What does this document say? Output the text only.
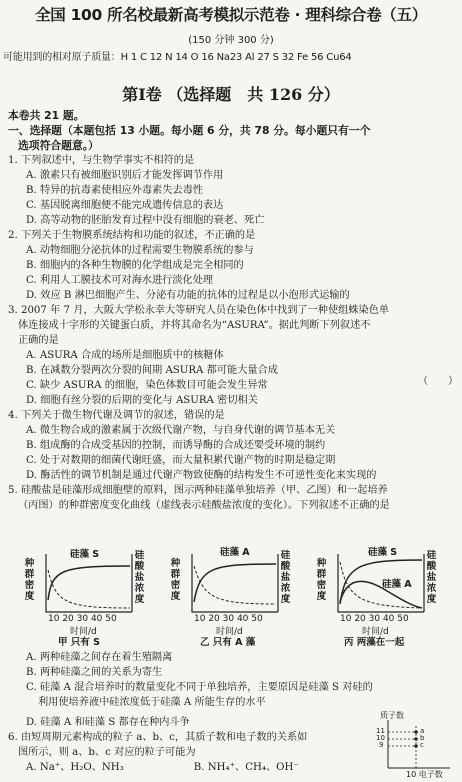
全国 100 所名校最新高考模拟示范卷 · 理科综合卷（五）
(150 分钟 300 分)
可能用到的相对原子质量：H 1 C 12 N 14 O 16 Na23 Al 27 S 32 Fe 56 Cu64
第Ⅰ卷 （选择题　共 126 分）

本卷共 21 题。

一、选择题（本题包括 13 小题。每小题 6 分，共 78 分。每小题只有一个

选项符合题意。）

1. 下列叙述中，与生物学事实不相符的是

A. 激素只有被细胞识别后才能发挥调节作用

B. 特异的抗毒素使相应外毒素失去毒性

C. 基因脱离细胞便不能完成遗传信息的表达

D. 高等动物的胚胎发育过程中没有细胞的衰老、死亡

2. 下列关于生物膜系统结构和功能的叙述，不正确的是

A. 动物细胞分泌抗体的过程需要生物膜系统的参与

B. 细胞内的各种生物膜的化学组成是完全相同的

C. 利用人工膜技术可对海水进行淡化处理

D. 效应 B 淋巴细胞产生、分泌有功能的抗体的过程是以小泡形式运输的

3. 2007 年 7 月，大阪大学松永幸大等研究人员在染色体中找到了一种使组蛛染色单

体连接成十字形的关键蛋白质，并将其命名为“ASURA”。据此判断下列叙述不

正确的是

A. ASURA 合成的场所是细胞质中的核糖体

B. 在减数分裂两次分裂的间期 ASURA 都可能大量合成

C. 缺少 ASURA 的细胞，染色体数目可能会发生异常

D. 细胞有丝分裂的后期的变化与 ASURA 密切相关

4. 下列关于微生物代谢及调节的叙述，错误的是

A. 微生物合成的激素属于次级代谢产物，与自身代谢的调节基本无关

B. 组成酶的合成受基因的控制，而诱导酶的合成还要受环境的制约

C. 处于对数期的细菌代谢旺盛，而大量积累代谢产物的时期是稳定期

D. 酶活性的调节机制是通过代谢产物致使酶的结构发生不可逆性变化来实现的

5. 硅酸盐是硅藻形成细胞壁的原料，图示两种硅藻单独培养（甲、乙图）和一起培养

（丙图）的种群密度变化曲线（虚线表示硅酸盐浓度的变化）。下列叙述不正确的是

（　　）
种群密度
硅酸盐浓度
硅藻 S
10 20 30 40 50
时间/d
甲 只有 S
种群密度
硅酸盐浓度
硅藻 A
10 20 30 40 50
时间/d
乙 只有 A 藻
种群密度
硅酸盐浓度
硅藻 S
硅藻 A
10 20 30 40 50
时间/d
丙 两藻在一起

A. 两种硅藻之间存在着生殖隔离

B. 两种硅藻之间的关系为寄生

C. 硅藻 A 混合培养时的数量变化不同于单独培养，主要原因是硅藻 S 对硅的

利用使培养液中硅浓度低于硅藻 A 所能生存的水平

D. 硅藻 A 和硅藻 S 都存在种内斗争

6. 由短周期元素构成的粒子 a、b、c，其质子数和电子数的关系如

图所示，则 a、b、c 对应的粒子可能为

A. Na⁺、H₂O、NH₃	B. NH₄⁺、CH₄、OH⁻

质子数
11
10
9
a
b
c
10 电子数
